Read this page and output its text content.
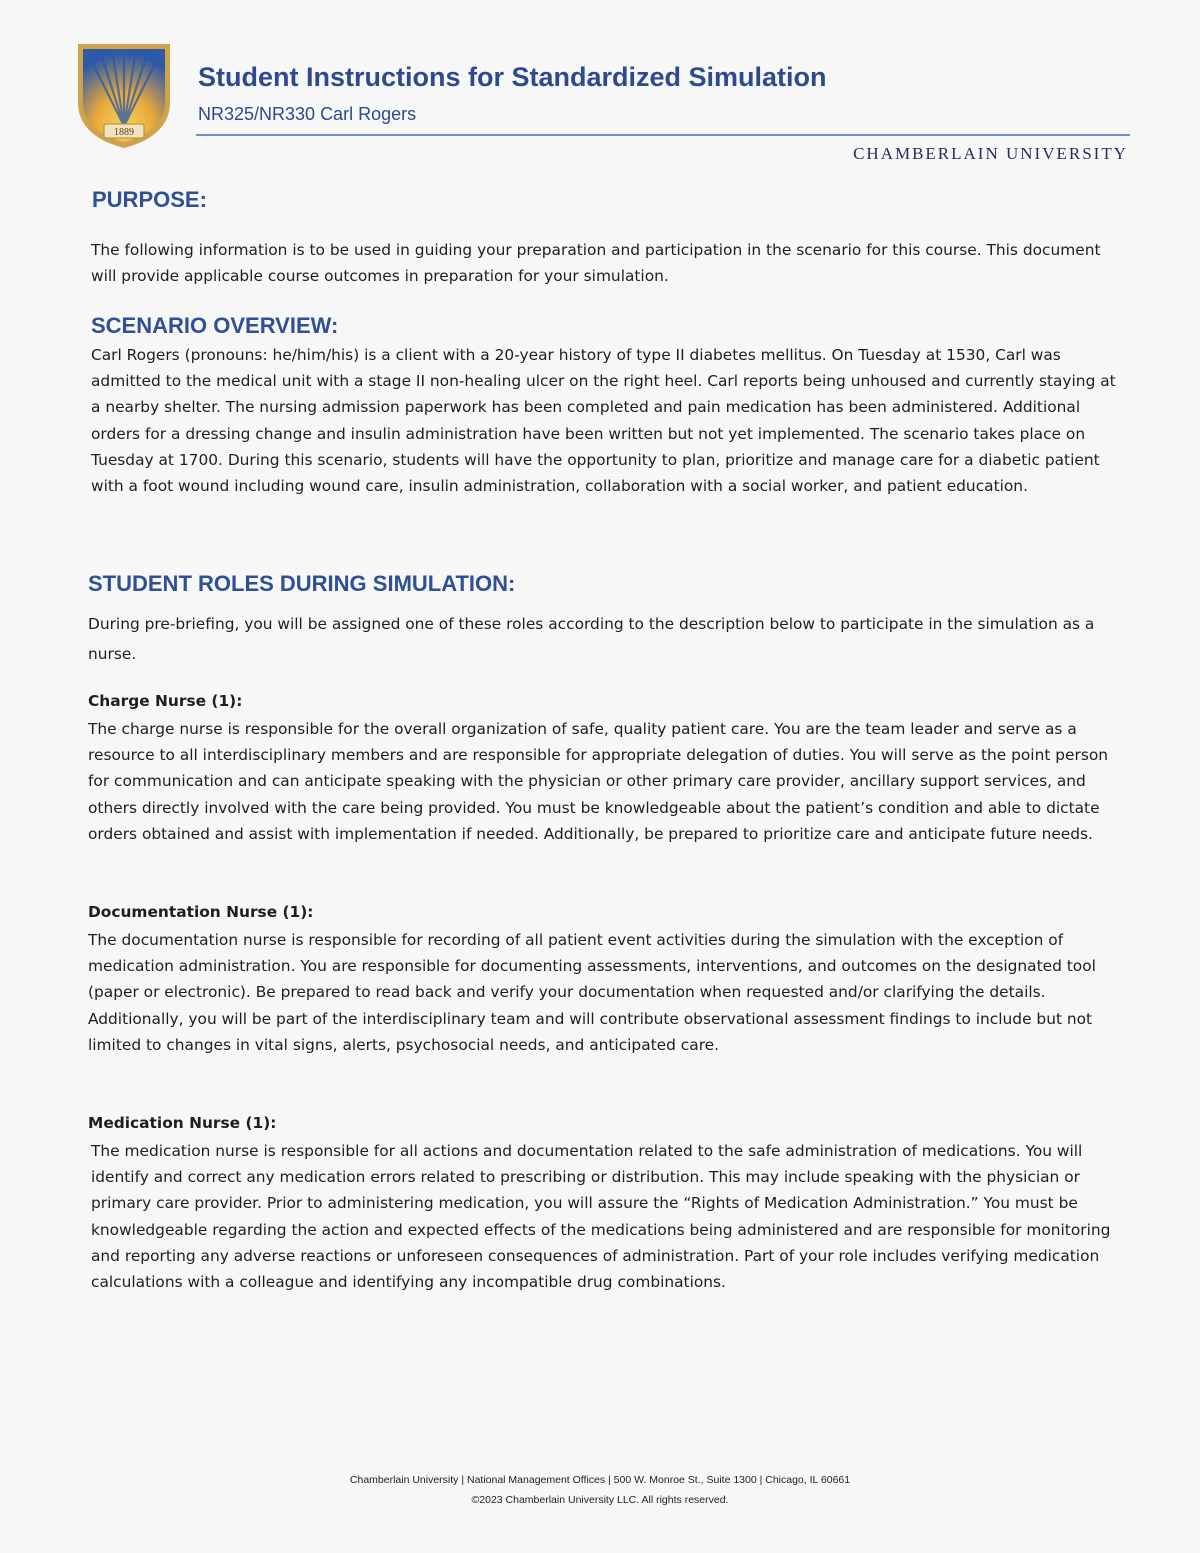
1889
Student Instructions for Standardized Simulation
NR325/NR330 Carl Rogers
CHAMBERLAIN UNIVERSITY
PURPOSE:

The following information is to be used in guiding your preparation and participation in the scenario for this course. This document will provide applicable course outcomes in preparation for your simulation.

SCENARIO OVERVIEW:

Carl Rogers (pronouns: he/him/his) is a client with a 20-year history of type II diabetes mellitus. On Tuesday at 1530, Carl was admitted to the medical unit with a stage II non-healing ulcer on the right heel. Carl reports being unhoused and currently staying at a nearby shelter. The nursing admission paperwork has been completed and pain medication has been administered. Additional orders for a dressing change and insulin administration have been written but not yet implemented. The scenario takes place on Tuesday at 1700. During this scenario, students will have the opportunity to plan, prioritize and manage care for a diabetic patient with a foot wound including wound care, insulin administration, collaboration with a social worker, and patient education.

STUDENT ROLES DURING SIMULATION:

During pre-briefing, you will be assigned one of these roles according to the description below to participate in the simulation as a nurse.

Charge Nurse (1):

The charge nurse is responsible for the overall organization of safe, quality patient care. You are the team leader and serve as a resource to all interdisciplinary members and are responsible for appropriate delegation of duties. You will serve as the point person for communication and can anticipate speaking with the physician or other primary care provider, ancillary support services, and others directly involved with the care being provided. You must be knowledgeable about the patient’s condition and able to dictate orders obtained and assist with implementation if needed. Additionally, be prepared to prioritize care and anticipate future needs.

Documentation Nurse (1):

The documentation nurse is responsible for recording of all patient event activities during the simulation with the exception of medication administration. You are responsible for documenting assessments, interventions, and outcomes on the designated tool (paper or electronic). Be prepared to read back and verify your documentation when requested and/or clarifying the details. Additionally, you will be part of the interdisciplinary team and will contribute observational assessment findings to include but not limited to changes in vital signs, alerts, psychosocial needs, and anticipated care.

Medication Nurse (1):

The medication nurse is responsible for all actions and documentation related to the safe administration of medications. You will identify and correct any medication errors related to prescribing or distribution. This may include speaking with the physician or primary care provider. Prior to administering medication, you will assure the “Rights of Medication Administration.” You must be knowledgeable regarding the action and expected effects of the medications being administered and are responsible for monitoring and reporting any adverse reactions or unforeseen consequences of administration. Part of your role includes verifying medication calculations with a colleague and identifying any incompatible drug combinations.

Chamberlain University | National Management Offices | 500 W. Monroe St., Suite 1300 | Chicago, IL 60661
©2023 Chamberlain University LLC. All rights reserved.
